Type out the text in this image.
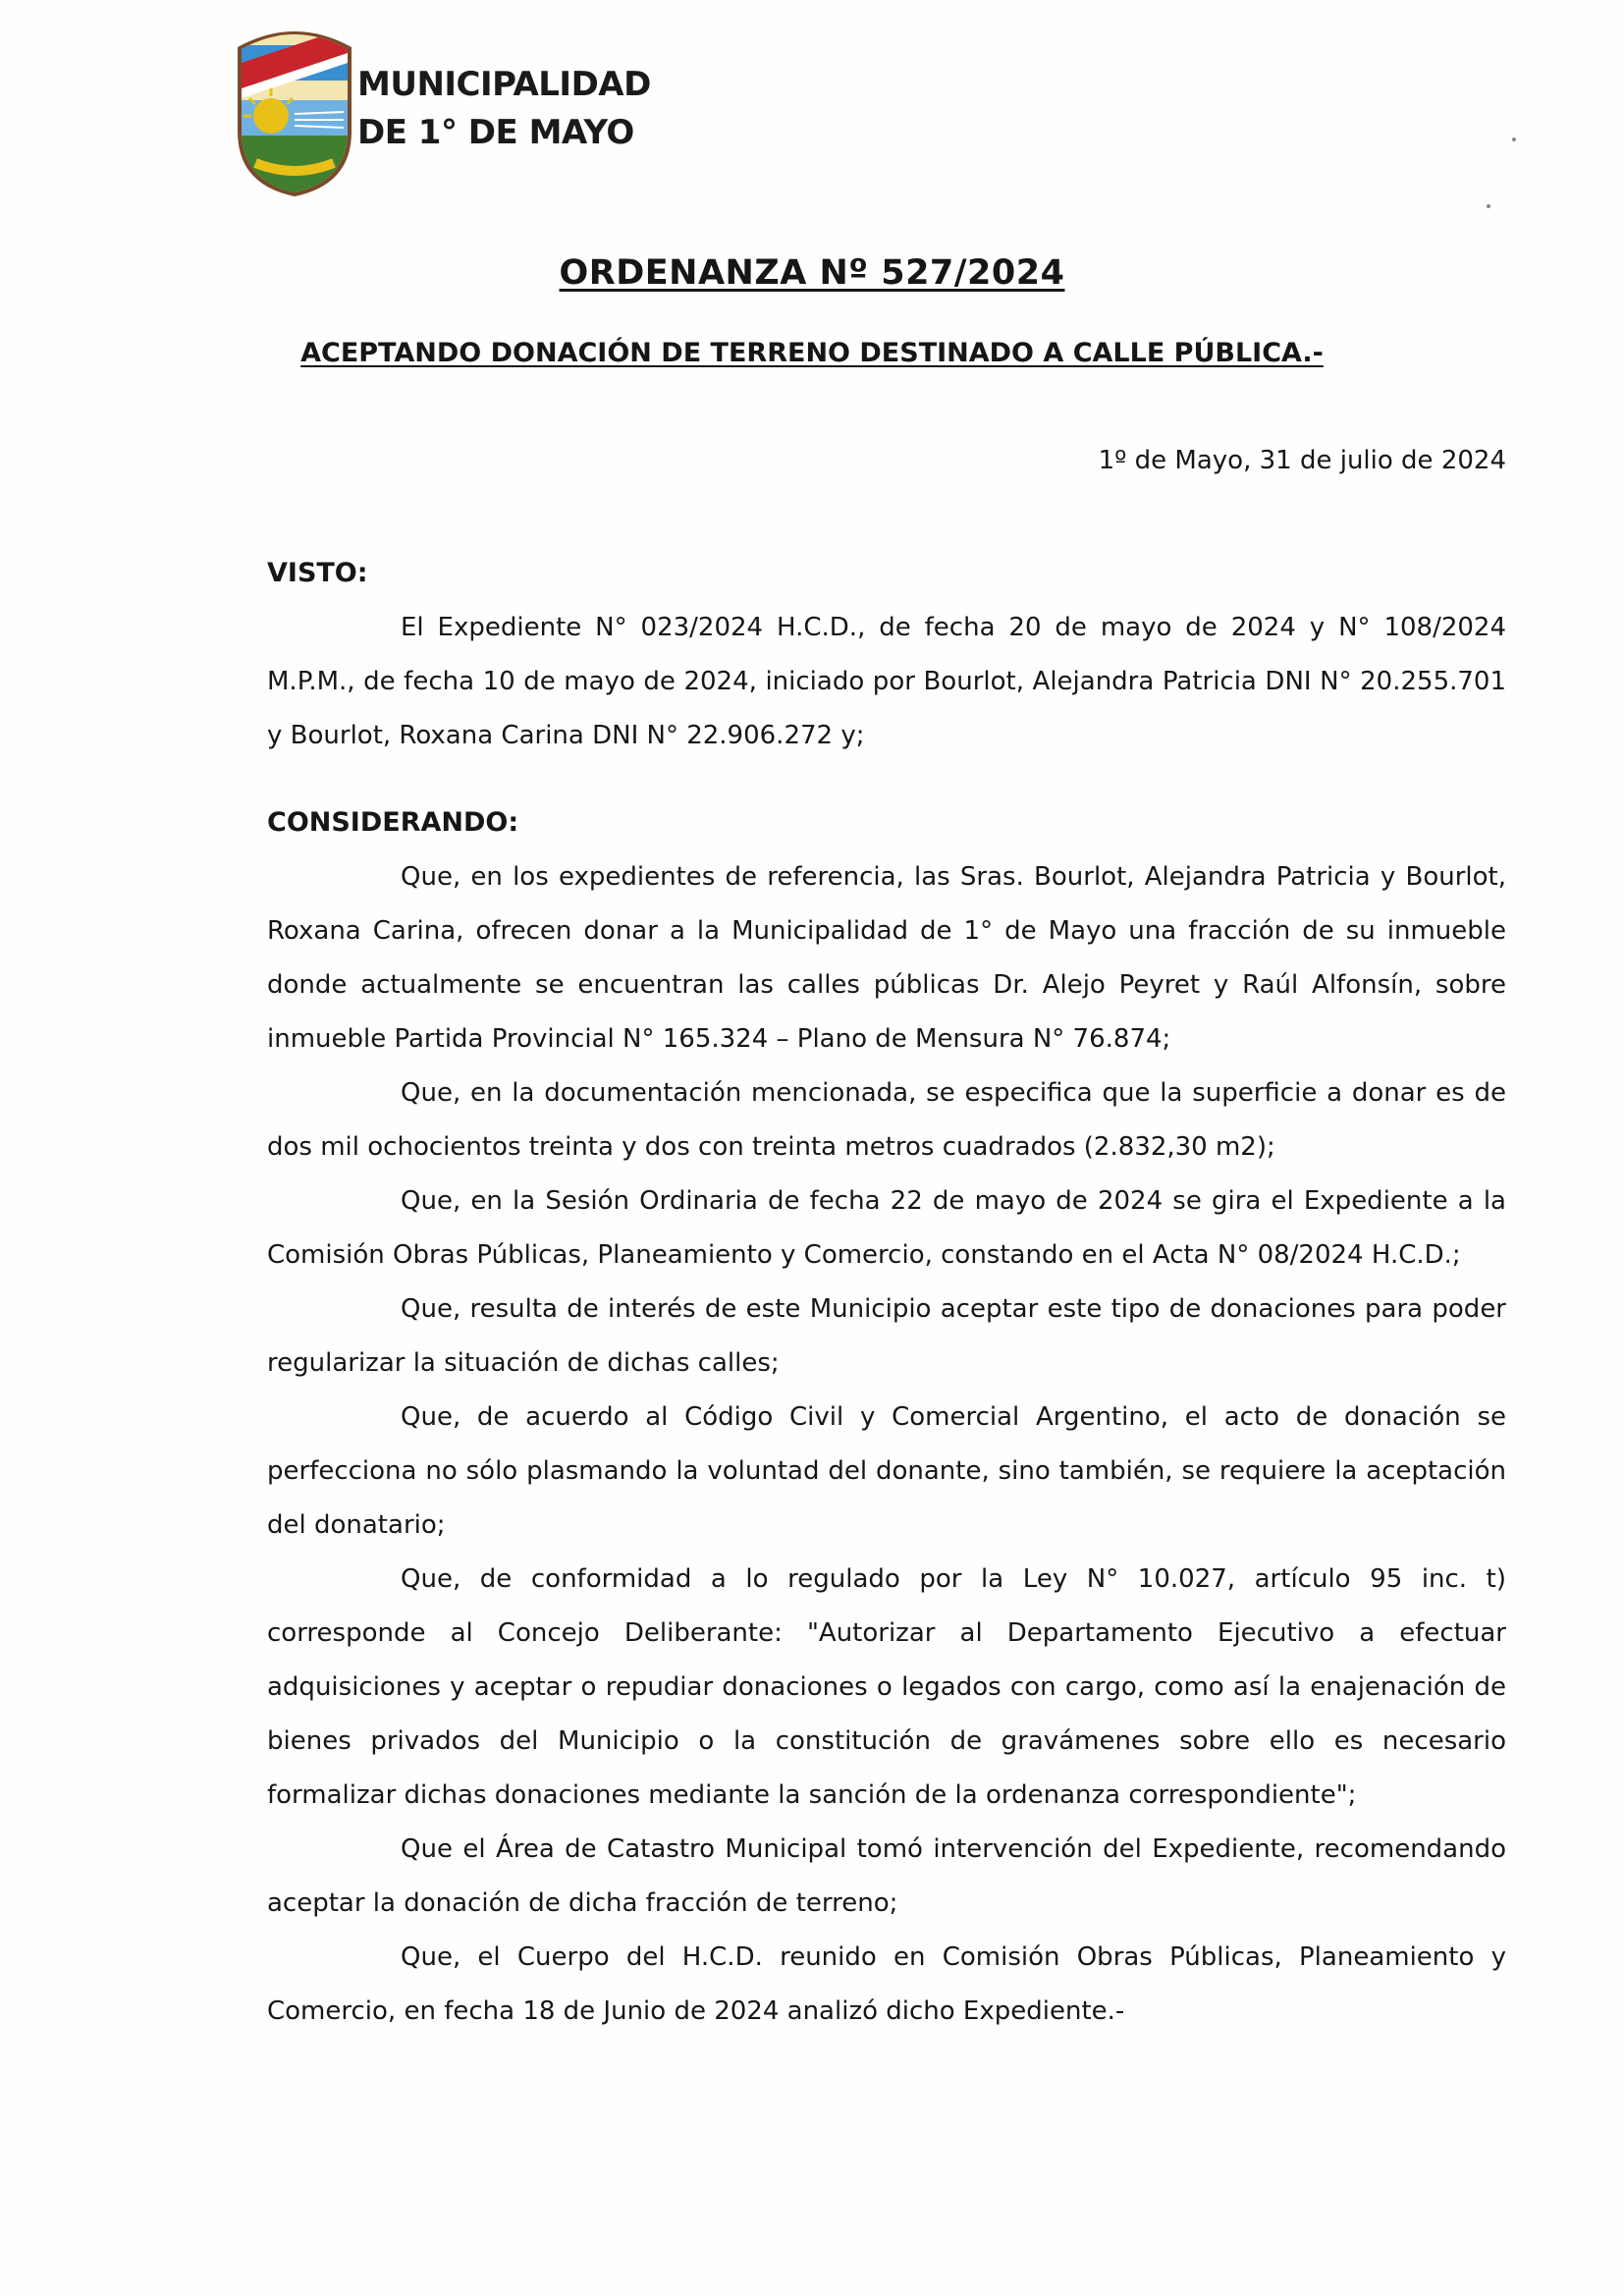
MUNICIPALIDAD
DE 1° DE MAYO
ORDENANZA Nº 527/2024
ACEPTANDO DONACIÓN DE TERRENO DESTINADO A CALLE PÚBLICA.-
1º de Mayo, 31 de julio de 2024
VISTO:

El Expediente N° 023/2024 H.C.D., de fecha 20 de mayo de 2024 y N° 108/2024 M.P.M., de fecha 10 de mayo de 2024, iniciado por Bourlot, Alejandra Patricia DNI N° 20.255.701 y Bourlot, Roxana Carina DNI N° 22.906.272 y;

CONSIDERANDO:

Que, en los expedientes de referencia, las Sras. Bourlot, Alejandra Patricia y Bourlot, Roxana Carina, ofrecen donar a la Municipalidad de 1° de Mayo una fracción de su inmueble donde actualmente se encuentran las calles públicas Dr. Alejo Peyret y Raúl Alfonsín, sobre inmueble Partida Provincial N° 165.324 – Plano de Mensura N° 76.874;

Que, en la documentación mencionada, se especifica que la superficie a donar es de dos mil ochocientos treinta y dos con treinta metros cuadrados (2.832,30 m2);

Que, en la Sesión Ordinaria de fecha 22 de mayo de 2024 se gira el Expediente a la Comisión Obras Públicas, Planeamiento y Comercio, constando en el Acta N° 08/2024 H.C.D.;

Que, resulta de interés de este Municipio aceptar este tipo de donaciones para poder regularizar la situación de dichas calles;

Que, de acuerdo al Código Civil y Comercial Argentino, el acto de donación se perfecciona no sólo plasmando la voluntad del donante, sino también, se requiere la aceptación del donatario;

Que, de conformidad a lo regulado por la Ley N° 10.027, artículo 95 inc. t) corresponde al Concejo Deliberante: "Autorizar al Departamento Ejecutivo a efectuar adquisiciones y aceptar o repudiar donaciones o legados con cargo, como así la enajenación de bienes privados del Municipio o la constitución de gravámenes sobre ello es necesario formalizar dichas donaciones mediante la sanción de la ordenanza correspondiente";

Que el Área de Catastro Municipal tomó intervención del Expediente, recomendando aceptar la donación de dicha fracción de terreno;

Que, el Cuerpo del H.C.D. reunido en Comisión Obras Públicas, Planeamiento y Comercio, en fecha 18 de Junio de 2024 analizó dicho Expediente.-
